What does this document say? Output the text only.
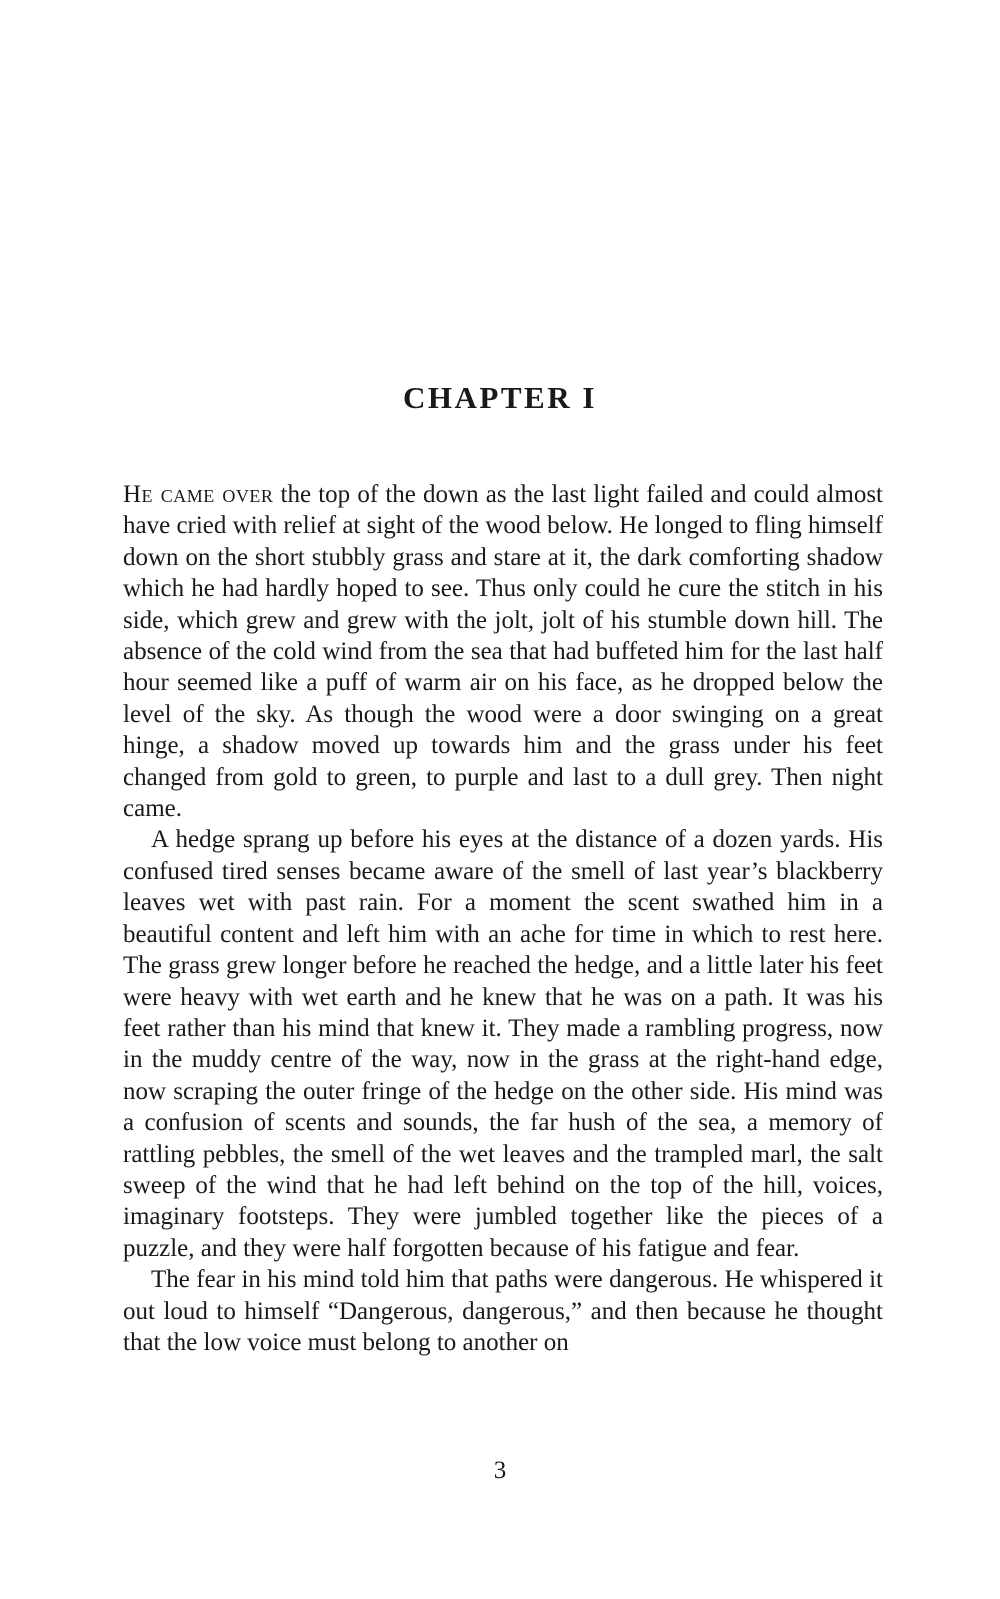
CHAPTER I

He came over the top of the down as the last light failed and could almost have cried with relief at sight of the wood below. He longed to fling himself down on the short stubbly grass and stare at it, the dark comforting shadow which he had hardly hoped to see. Thus only could he cure the stitch in his side, which grew and grew with the jolt, jolt of his stumble down hill. The absence of the cold wind from the sea that had buffeted him for the last half hour seemed like a puff of warm air on his face, as he dropped below the level of the sky. As though the wood were a door swinging on a great hinge, a shadow moved up towards him and the grass under his feet changed from gold to green, to purple and last to a dull grey. Then night came.

A hedge sprang up before his eyes at the distance of a dozen yards. His confused tired senses became aware of the smell of last year’s blackberry leaves wet with past rain. For a moment the scent swathed him in a beautiful content and left him with an ache for time in which to rest here. The grass grew longer before he reached the hedge, and a little later his feet were heavy with wet earth and he knew that he was on a path. It was his feet rather than his mind that knew it. They made a rambling progress, now in the muddy centre of the way, now in the grass at the right-hand edge, now scraping the outer fringe of the hedge on the other side. His mind was a confusion of scents and sounds, the far hush of the sea, a memory of rattling pebbles, the smell of the wet leaves and the trampled marl, the salt sweep of the wind that he had left behind on the top of the hill, voices, imaginary footsteps. They were jumbled together like the pieces of a puzzle, and they were half forgotten because of his fatigue and fear.

The fear in his mind told him that paths were dangerous. He whispered it out loud to himself “Dangerous, dangerous,” and then because he thought that the low voice must belong to another on

3
